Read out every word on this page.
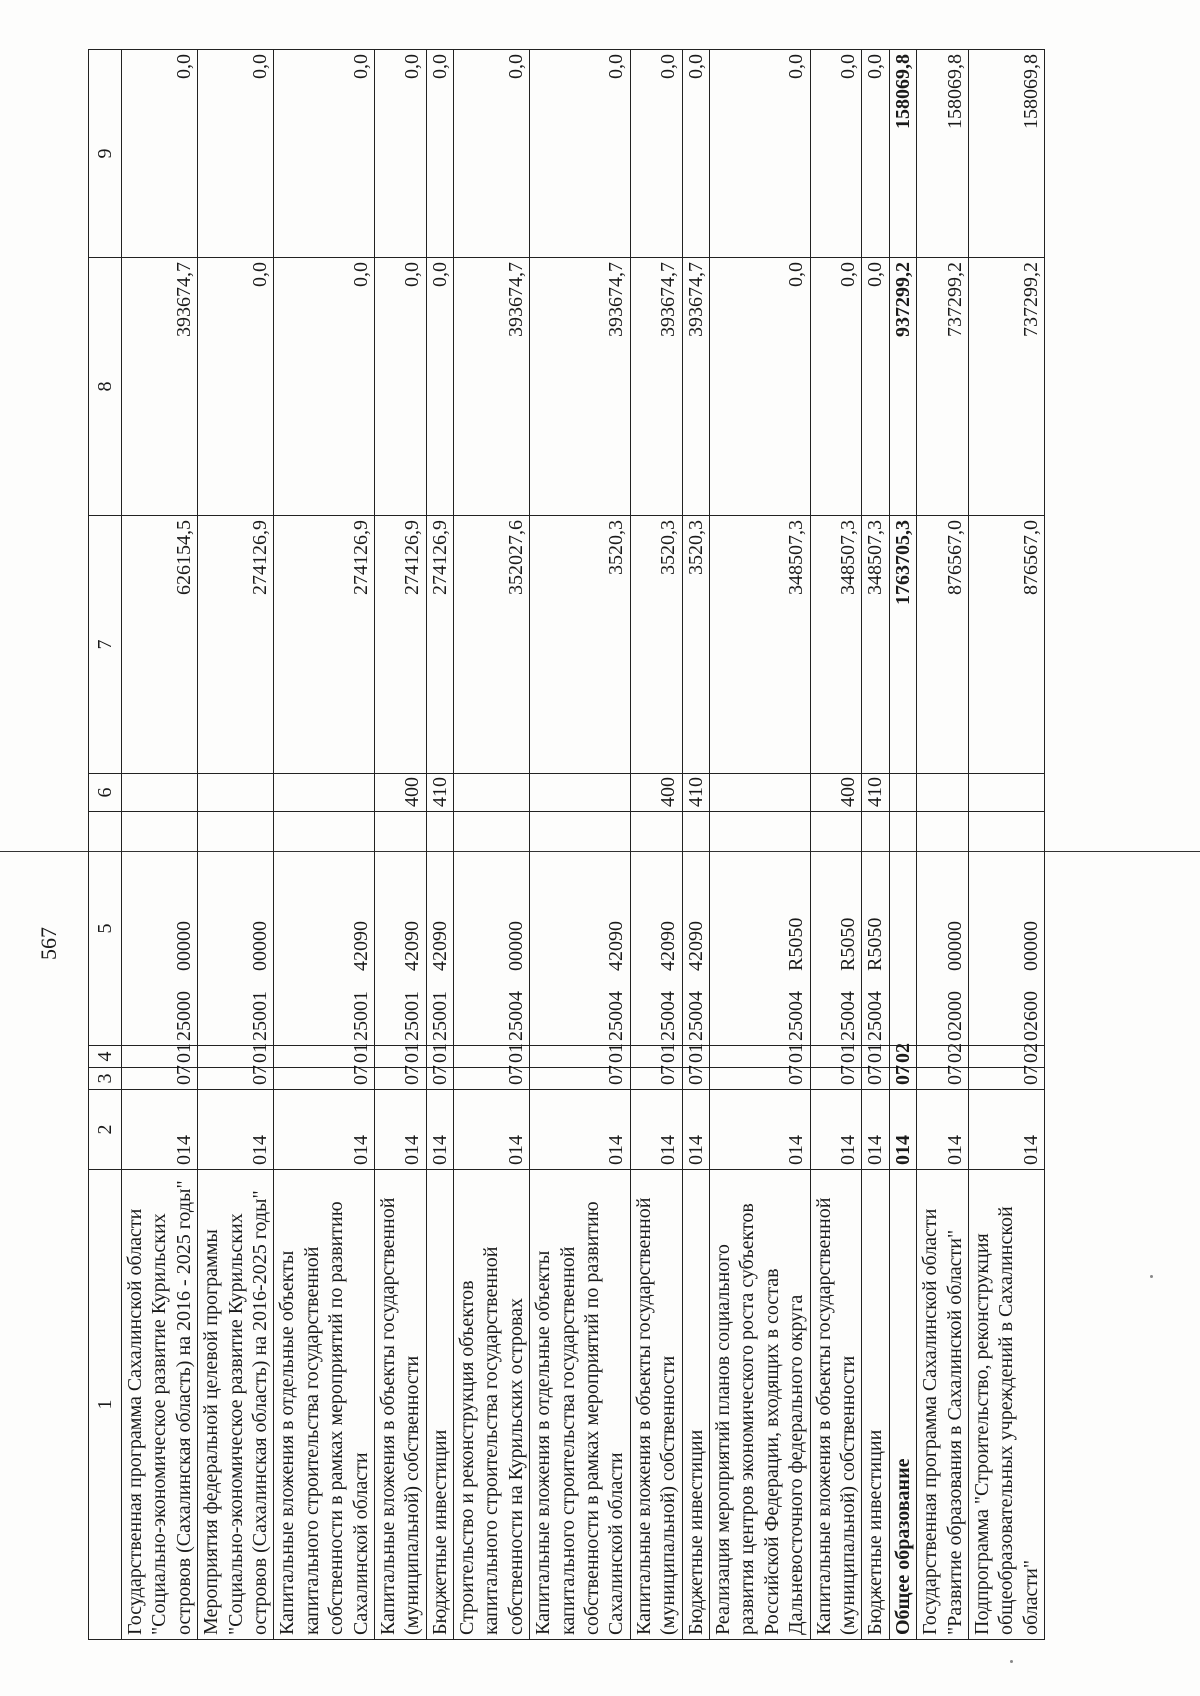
567
1	2	3	4	5	6	7	8	9
Государственная программа Сахалинской области "Социально-экономическое развитие Курильских островов (Сахалинская область) на 2016 - 2025 годы"	014	07	01	2500000000		626154,5	393674,7	0,0
Мероприятия федеральной целевой программы "Социально-экономическое развитие Курильских островов (Сахалинская область) на 2016-2025 годы"	014	07	01	2500100000		274126,9	0,0	0,0
Капитальные вложения в отдельные объекты капитального строительства государственной собственности в рамках мероприятий по развитию Сахалинской области	014	07	01	2500142090		274126,9	0,0	0,0
Капитальные вложения в объекты государственной (муниципальной) собственности	014	07	01	2500142090	400	274126,9	0,0	0,0
Бюджетные инвестиции	014	07	01	2500142090	410	274126,9	0,0	0,0
Строительство и реконструкция объектов капитального строительства государственной собственности на Курильских островах	014	07	01	2500400000		352027,6	393674,7	0,0
Капитальные вложения в отдельные объекты капитального строительства государственной собственности в рамках мероприятий по развитию Сахалинской области	014	07	01	2500442090		3520,3	393674,7	0,0
Капитальные вложения в объекты государственной (муниципальной) собственности	014	07	01	2500442090	400	3520,3	393674,7	0,0
Бюджетные инвестиции	014	07	01	2500442090	410	3520,3	393674,7	0,0
Реализация мероприятий планов социального развития центров экономического роста субъектов Российской Федерации, входящих в состав Дальневосточного федерального округа	014	07	01	25004R5050		348507,3	0,0	0,0
Капитальные вложения в объекты государственной (муниципальной) собственности	014	07	01	25004R5050	400	348507,3	0,0	0,0
Бюджетные инвестиции	014	07	01	25004R5050	410	348507,3	0,0	0,0
Общее образование	014	07	02			1763705,3	937299,2	158069,8
Государственная программа Сахалинской области "Развитие образования в Сахалинской области"	014	07	02	0200000000		876567,0	737299,2	158069,8
Подпрограмма "Строительство, реконструкция общеобразовательных учреждений в Сахалинской области"	014	07	02	0260000000		876567,0	737299,2	158069,8
